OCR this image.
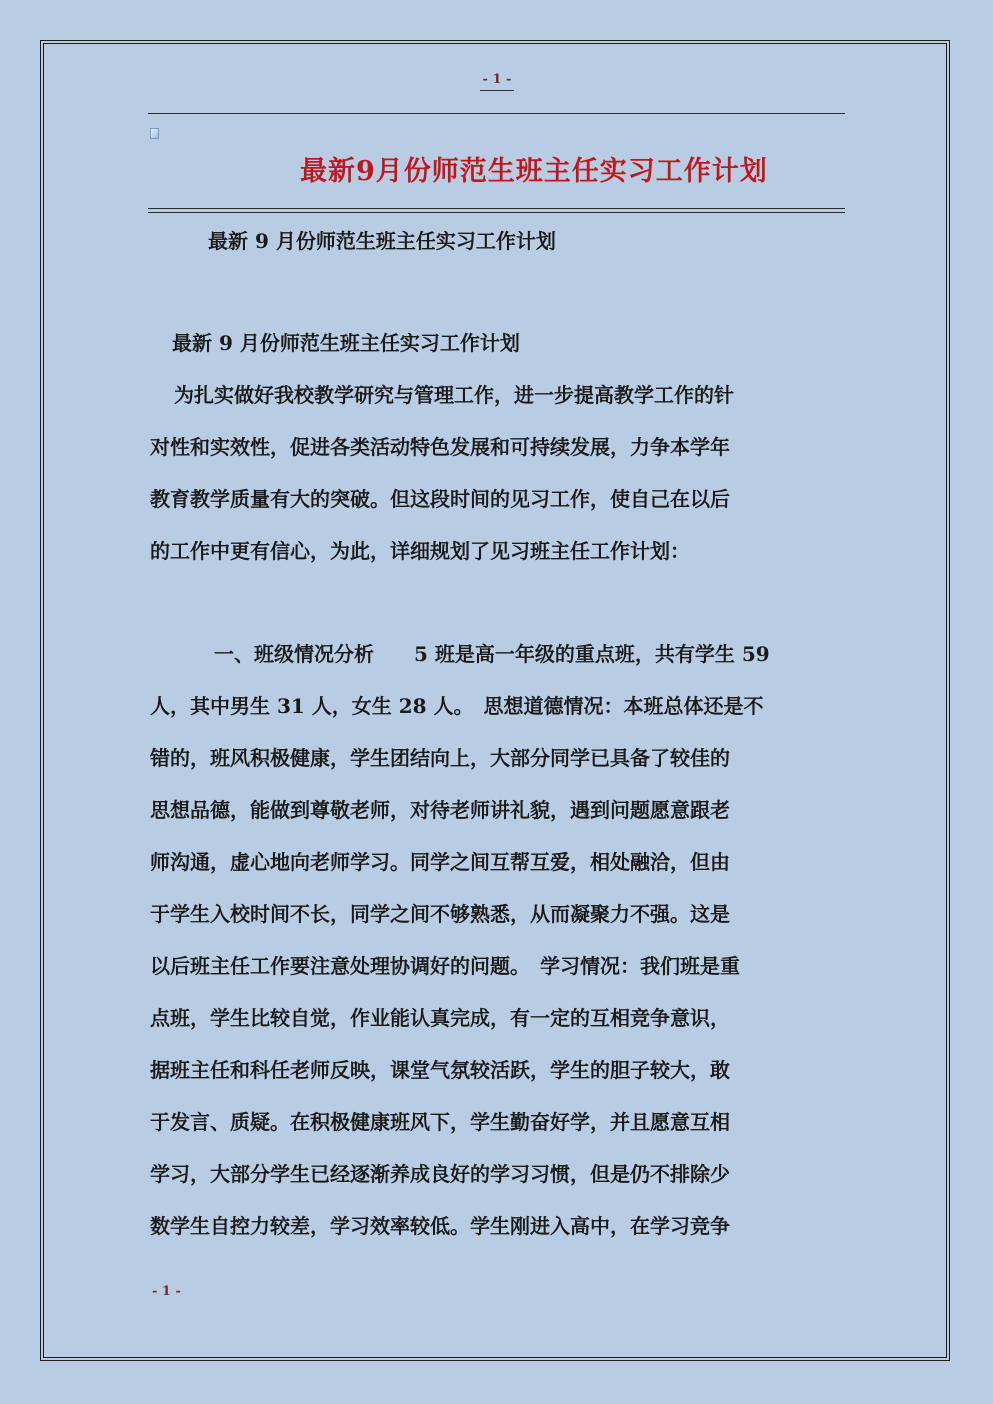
- 1 -
最新9月份师范生班主任实习工作计划
最新 9 月份师范生班主任实习工作计划
最新 9 月份师范生班主任实习工作计划
为扎实做好我校教学研究与管理工作，进一步提高教学工作的针
对性和实效性，促进各类活动特色发展和可持续发展，力争本学年
教育教学质量有大的突破。但这段时间的见习工作，使自己在以后
的工作中更有信心，为此，详细规划了见习班主任工作计划：
　　一、班级情况分析　　5 班是高一年级的重点班，共有学生 59
人，其中男生 31 人，女生 28 人。　思想道德情况：本班总体还是不
错的，班风积极健康，学生团结向上，大部分同学已具备了较佳的
思想品德，能做到尊敬老师，对待老师讲礼貌，遇到问题愿意跟老
师沟通，虚心地向老师学习。同学之间互帮互爱，相处融洽，但由
于学生入校时间不长，同学之间不够熟悉，从而凝聚力不强。这是
以后班主任工作要注意处理协调好的问题。　学习情况：我们班是重
点班，学生比较自觉，作业能认真完成，有一定的互相竞争意识，
据班主任和科任老师反映，课堂气氛较活跃，学生的胆子较大，敢
于发言、质疑。在积极健康班风下，学生勤奋好学，并且愿意互相
学习，大部分学生已经逐渐养成良好的学习习惯，但是仍不排除少
数学生自控力较差，学习效率较低。学生刚进入高中，在学习竞争
- 1 -
